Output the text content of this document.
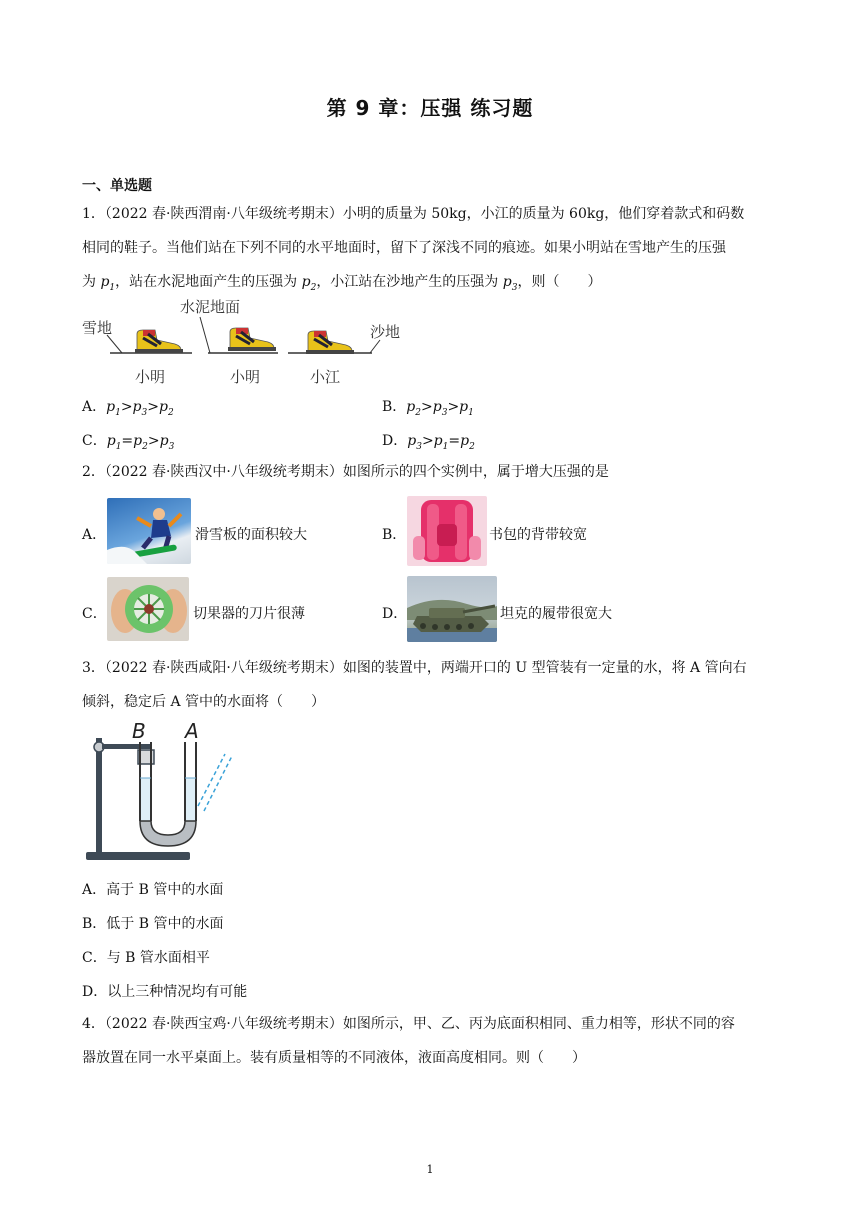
第 9 章：压强 练习题
一、单选题
1．（2022 春·陕西渭南·八年级统考期末）小明的质量为 50kg，小江的质量为 60kg，他们穿着款式和码数
相同的鞋子。当他们站在下列不同的水平地面时，留下了深浅不同的痕迹。如果小明站在雪地产生的压强
为 $p_1$，站在水泥地面产生的压强为 $p_2$，小江站在沙地产生的压强为 $p_3$，则（　　）
雪地
水泥地面
沙地
小明	小明	小江
A．$p_1>p_3>p_2$	B．$p_2>p_3>p_1$
C．$p_1=p_2>p_3$	D．$p_3>p_1=p_2$
2．（2022 春·陕西汉中·八年级统考期末）如图所示的四个实例中，属于增大压强的是
A．	滑雪板的面积较大	B．	书包的背带较宽
C．	切果器的刀片很薄	D．	坦克的履带很宽大
3．（2022 春·陕西咸阳·八年级统考期末）如图的装置中，两端开口的 U 型管装有一定量的水，将 A 管向右
倾斜，稳定后 A 管中的水面将（　　）
B A
A．高于 B 管中的水面
B．低于 B 管中的水面
C．与 B 管水面相平
D．以上三种情况均有可能
4．（2022 春·陕西宝鸡·八年级统考期末）如图所示，甲、乙、丙为底面积相同、重力相等，形状不同的容
器放置在同一水平桌面上。装有质量相等的不同液体，液面高度相同。则（　　）
1
